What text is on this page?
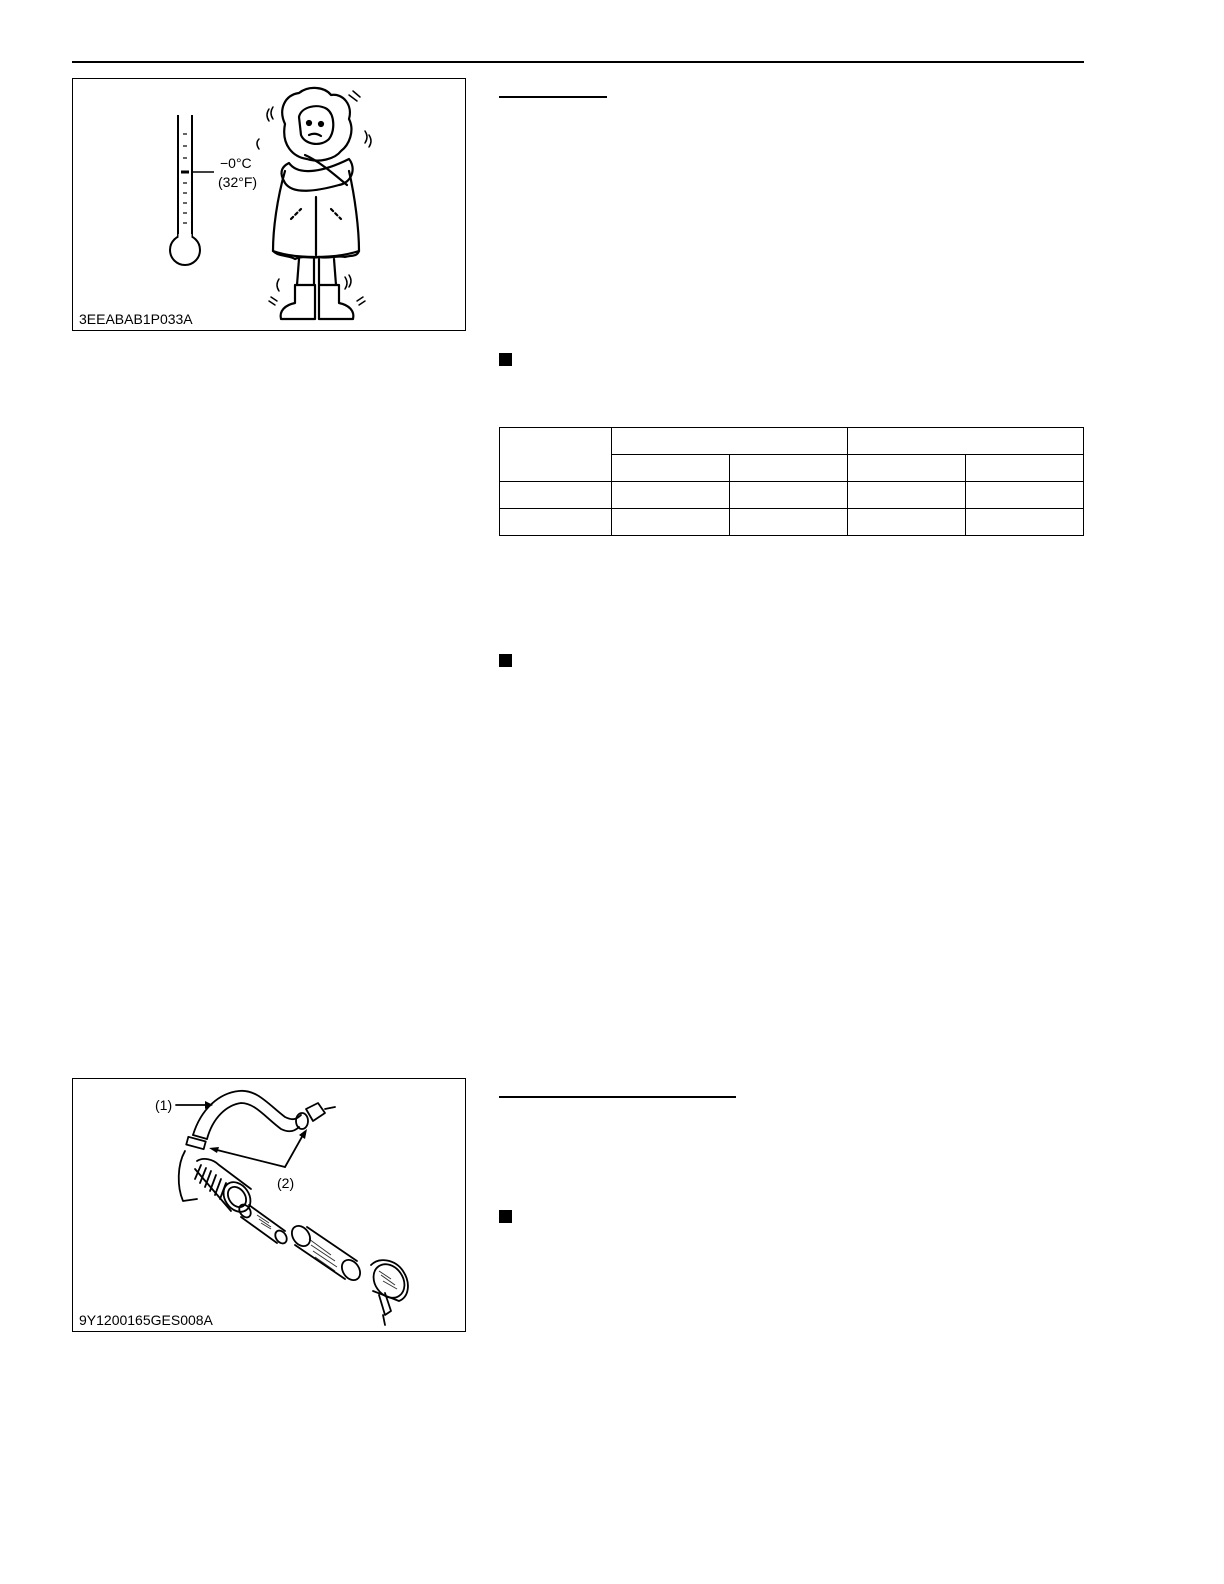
−0°C
(32°F)
3EEABAB1P033A

(1)
(2)
9Y1200165GES008A
